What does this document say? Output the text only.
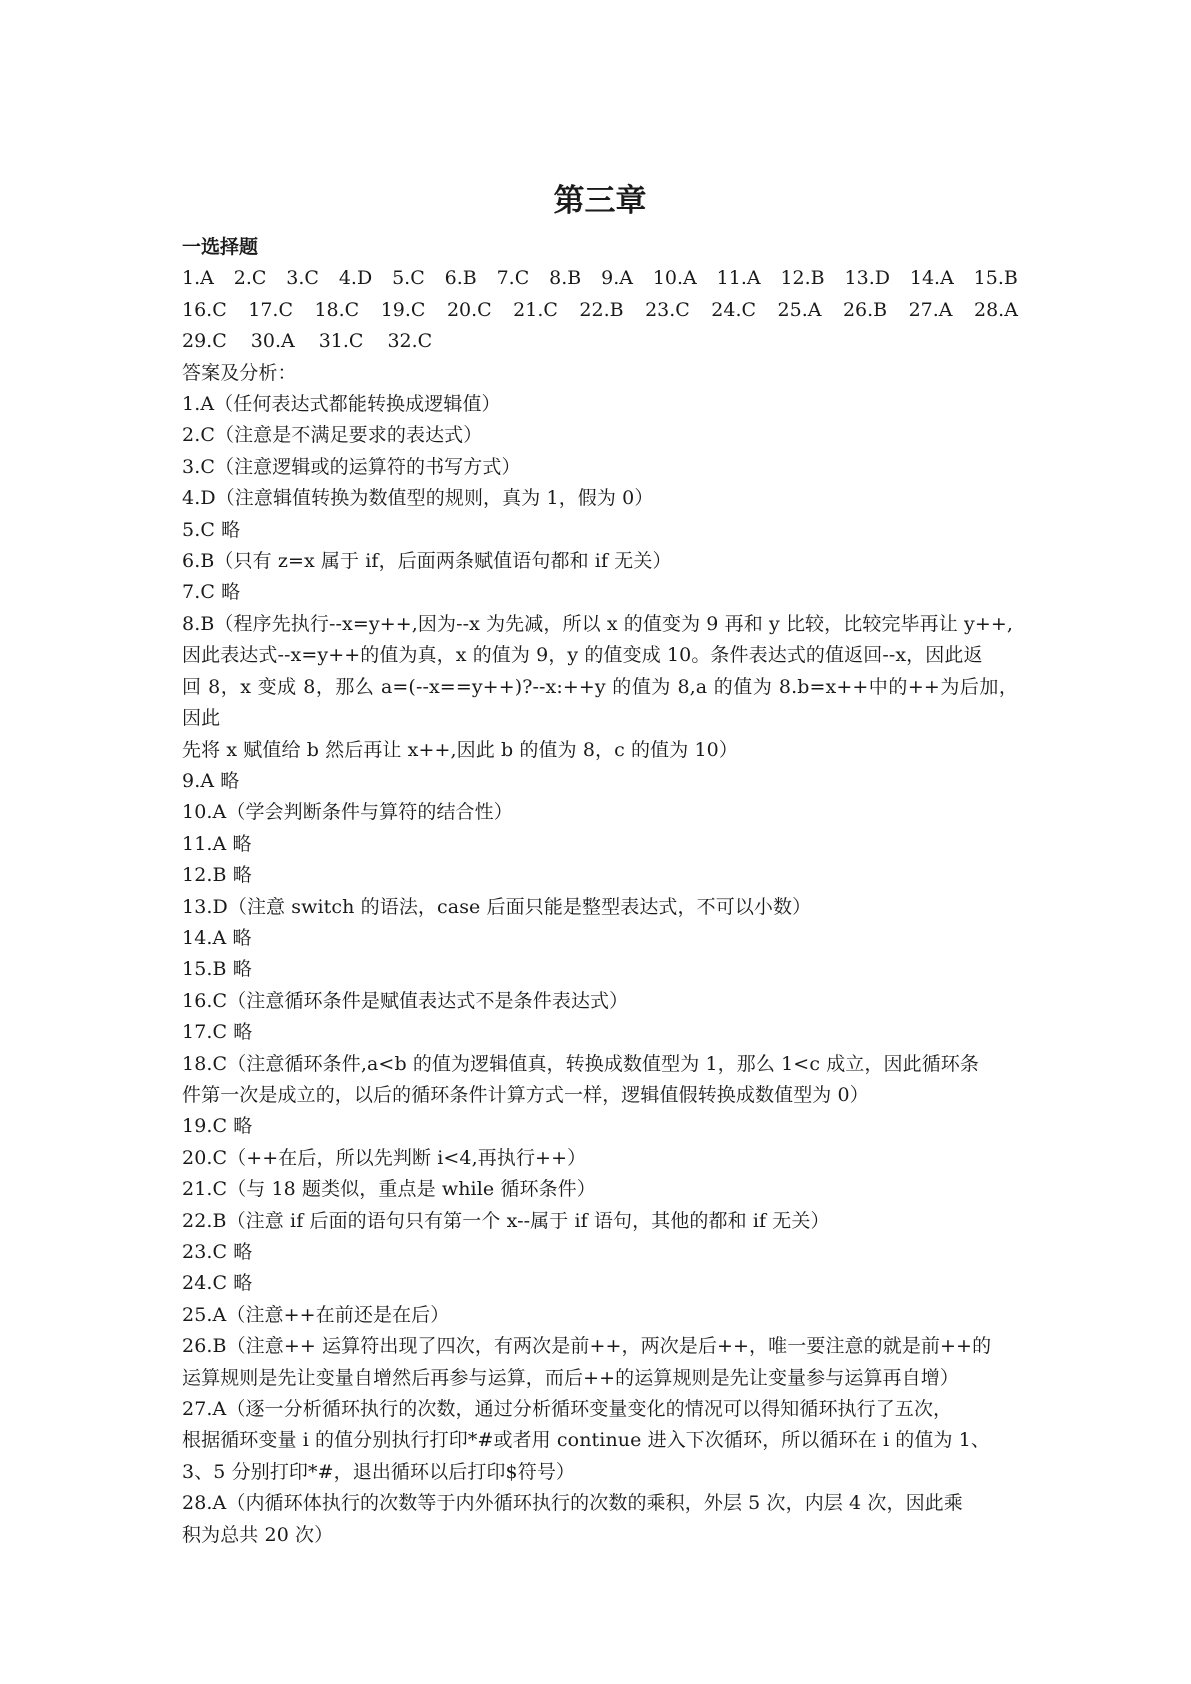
第三章

一选择题

1.A 2.C 3.C 4.D 5.C 6.B 7.C 8.B 9.A 10.A 11.A 12.B 13.D 14.A 15.B
16.C 17.C 18.C 19.C 20.C 21.C 22.B 23.C 24.C 25.A 26.B 27.A 28.A
29.C 30.A 31.C 32.C

答案及分析：

1.A（任何表达式都能转换成逻辑值）

2.C（注意是不满足要求的表达式）

3.C（注意逻辑或的运算符的书写方式）

4.D（注意辑值转换为数值型的规则，真为 1，假为 0）

5.C 略

6.B（只有 z=x 属于 if，后面两条赋值语句都和 if 无关）

7.C 略

8.B（程序先执行--x=y++,因为--x 为先减，所以 x 的值变为 9 再和 y 比较，比较完毕再让 y++,

因此表达式--x=y++的值为真，x 的值为 9，y 的值变成 10。条件表达式的值返回--x，因此返

回 8，x 变成 8，那么 a=(--x==y++)?--x:++y 的值为 8,a 的值为 8.b=x++中的++为后加，因此

先将 x 赋值给 b 然后再让 x++,因此 b 的值为 8，c 的值为 10）

9.A 略

10.A（学会判断条件与算符的结合性）

11.A 略

12.B 略

13.D（注意 switch 的语法，case 后面只能是整型表达式，不可以小数）

14.A 略

15.B 略

16.C（注意循环条件是赋值表达式不是条件表达式）

17.C 略

18.C（注意循环条件,a<b 的值为逻辑值真，转换成数值型为 1，那么 1<c 成立，因此循环条

件第一次是成立的，以后的循环条件计算方式一样，逻辑值假转换成数值型为 0）

19.C 略

20.C（++在后，所以先判断 i<4,再执行++）

21.C（与 18 题类似，重点是 while 循环条件）

22.B（注意 if 后面的语句只有第一个 x--属于 if 语句，其他的都和 if 无关）

23.C 略

24.C 略

25.A（注意++在前还是在后）

26.B（注意++ 运算符出现了四次，有两次是前++，两次是后++，唯一要注意的就是前++的

运算规则是先让变量自增然后再参与运算，而后++的运算规则是先让变量参与运算再自增）

27.A（逐一分析循环执行的次数，通过分析循环变量变化的情况可以得知循环执行了五次，

根据循环变量 i 的值分别执行打印*#或者用 continue 进入下次循环，所以循环在 i 的值为 1、

3、5 分别打印*#，退出循环以后打印$符号）

28.A（内循环体执行的次数等于内外循环执行的次数的乘积，外层 5 次，内层 4 次，因此乘

积为总共 20 次）
